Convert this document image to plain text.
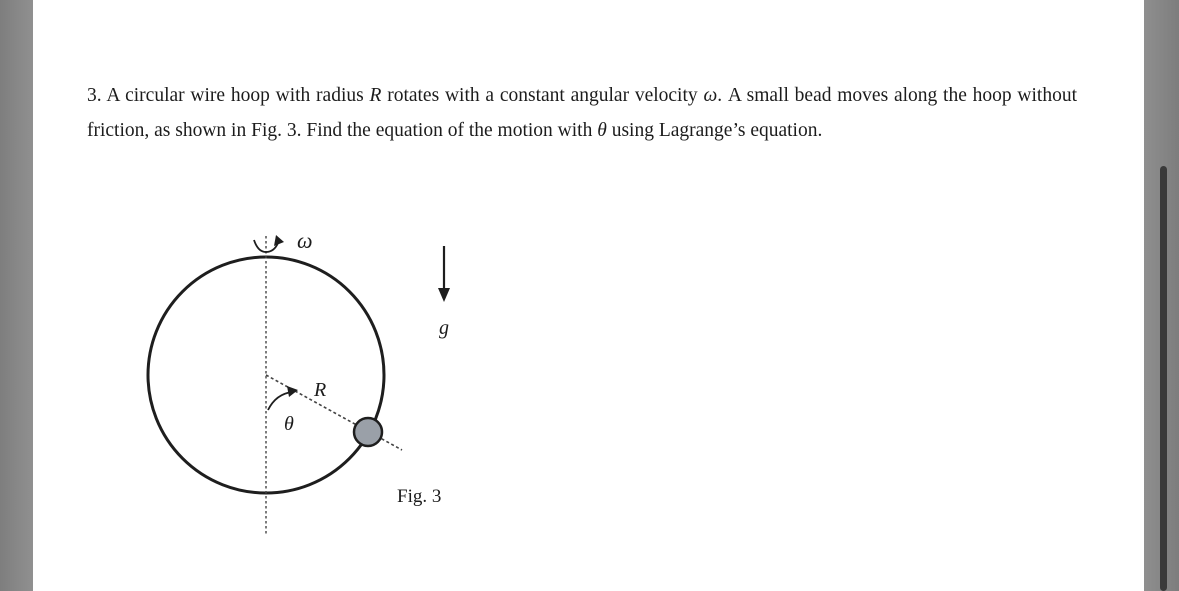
3. A circular wire hoop with radius R rotates with a constant angular velocity ω. A small bead moves along the hoop without friction, as shown in Fig. 3. Find the equation of the motion with θ using Lagrange’s equation.

ω
g
R
θ
Fig. 3
